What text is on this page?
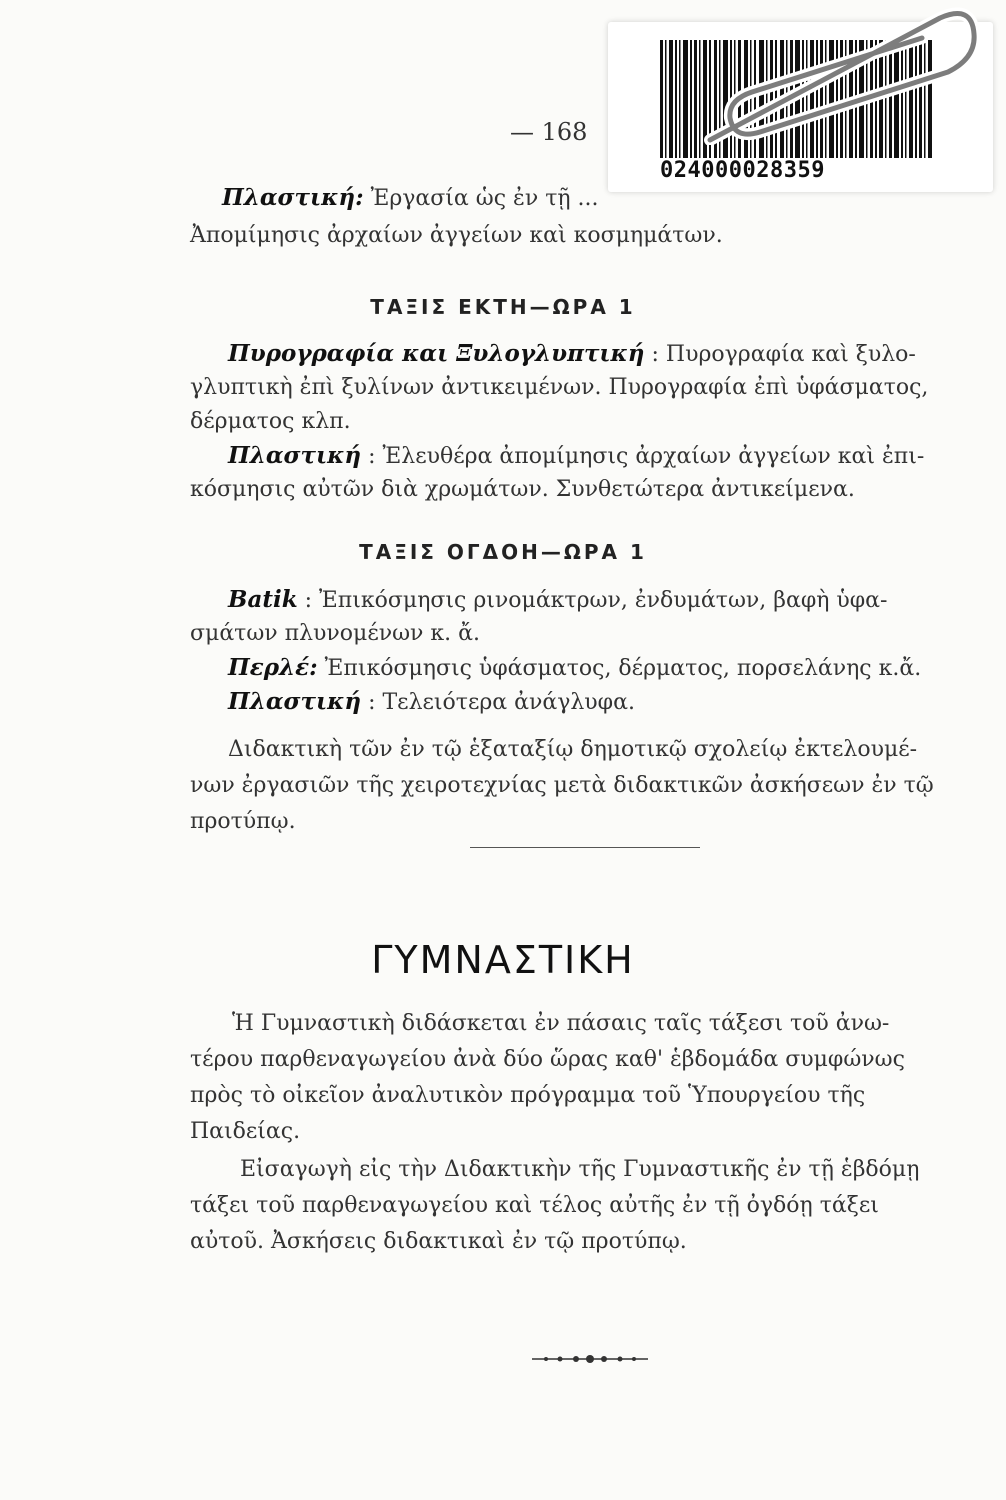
— 168
024000028359

Πλαστική: Ἐργασία ὡς ἐν τῇ ...

Ἀπομίμησις ἀρχαίων ἀγγείων καὶ κοσμημάτων.

ΤΑΞΙΣ ΕΚΤΗ—ΩΡΑ 1

Πυρογραφία και Ξυλογλυπτική : Πυρογραφία καὶ ξυλο-

γλυπτικὴ ἐπὶ ξυλίνων ἀντικειμένων. Πυρογραφία ἐπὶ ὑφάσματος,

δέρματος κλπ.

Πλαστική : Ἐλευθέρα ἀπομίμησις ἀρχαίων ἀγγείων καὶ ἐπι-

κόσμησις αὐτῶν διὰ χρωμάτων. Συνθετώτερα ἀντικείμενα.

ΤΑΞΙΣ ΟΓΔΟΗ—ΩΡΑ 1

Batik : Ἐπικόσμησις ρινομάκτρων, ἐνδυμάτων, βαφὴ ὑφα-

σμάτων πλυνομένων κ. ἄ.

Περλέ: Ἐπικόσμησις ὑφάσματος, δέρματος, πορσελάνης κ.ἄ.

Πλαστική : Τελειότερα ἀνάγλυφα.

Διδακτικὴ τῶν ἐν τῷ ἑξαταξίῳ δημοτικῷ σχολείῳ ἐκτελουμέ-

νων ἐργασιῶν τῆς χειροτεχνίας μετὰ διδακτικῶν ἀσκήσεων ἐν τῷ

προτύπῳ.

ΓΥΜΝΑΣΤΙΚΗ

Ἡ Γυμναστικὴ διδάσκεται ἐν πάσαις ταῖς τάξεσι τοῦ ἀνω-

τέρου παρθεναγωγείου ἀνὰ δύο ὥρας καθ' ἑβδομάδα συμφώνως

πρὸς τὸ οἰκεῖον ἀναλυτικὸν πρόγραμμα τοῦ Ὑπουργείου τῆς

Παιδείας.

Εἰσαγωγὴ εἰς τὴν Διδακτικὴν τῆς Γυμναστικῆς ἐν τῇ ἑβδόμῃ

τάξει τοῦ παρθεναγωγείου καὶ τέλος αὐτῆς ἐν τῇ ὀγδόῃ τάξει

αὐτοῦ. Ἀσκήσεις διδακτικαὶ ἐν τῷ προτύπῳ.
